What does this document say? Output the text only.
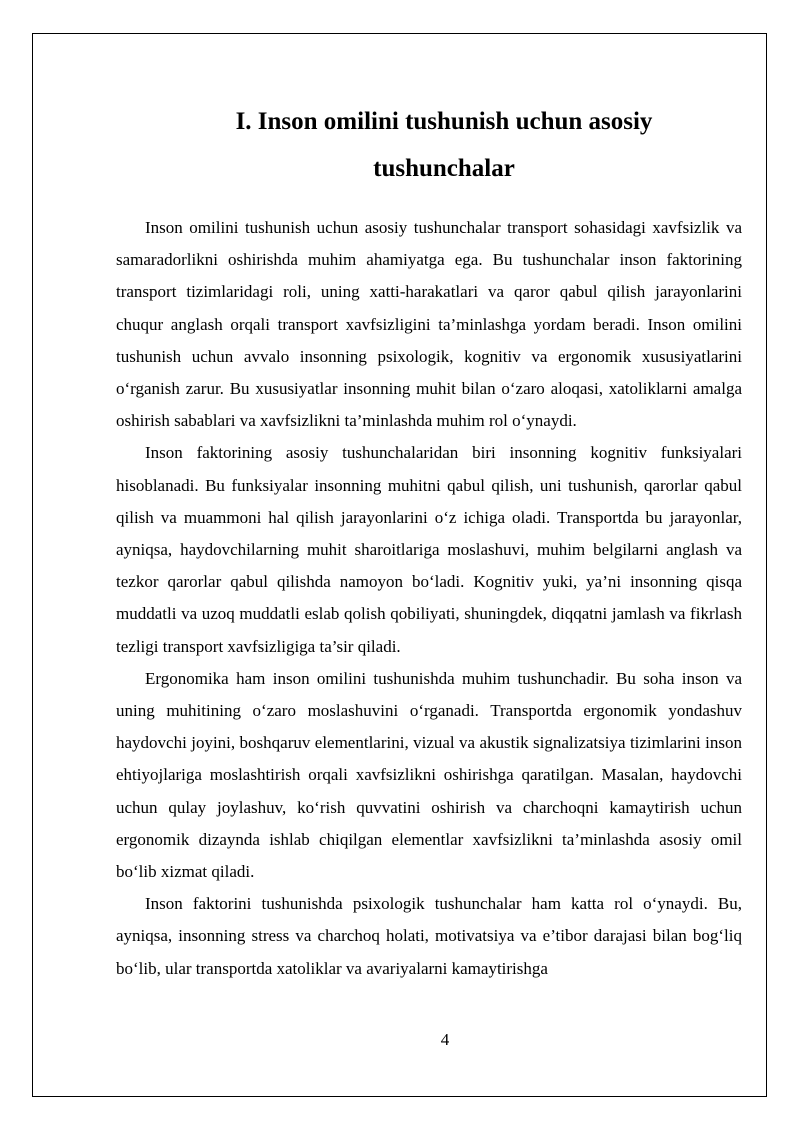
I. Inson omilini tushunish uchun asosiy
tushunchalar

Inson omilini tushunish uchun asosiy tushunchalar transport sohasidagi xavfsizlik va samaradorlikni oshirishda muhim ahamiyatga ega. Bu tushunchalar inson faktorining transport tizimlaridagi roli, uning xatti-harakatlari va qaror qabul qilish jarayonlarini chuqur anglash orqali transport xavfsizligini ta’minlashga yordam beradi. Inson omilini tushunish uchun avvalo insonning psixologik, kognitiv va ergonomik xususiyatlarini o‘rganish zarur. Bu xususiyatlar insonning muhit bilan o‘zaro aloqasi, xatoliklarni amalga oshirish sabablari va xavfsizlikni ta’minlashda muhim rol o‘ynaydi.

Inson faktorining asosiy tushunchalaridan biri insonning kognitiv funksiyalari hisoblanadi. Bu funksiyalar insonning muhitni qabul qilish, uni tushunish, qarorlar qabul qilish va muammoni hal qilish jarayonlarini o‘z ichiga oladi. Transportda bu jarayonlar, ayniqsa, haydovchilarning muhit sharoitlariga moslashuvi, muhim belgilarni anglash va tezkor qarorlar qabul qilishda namoyon bo‘ladi. Kognitiv yuki, ya’ni insonning qisqa muddatli va uzoq muddatli eslab qolish qobiliyati, shuningdek, diqqatni jamlash va fikrlash tezligi transport xavfsizligiga ta’sir qiladi.

Ergonomika ham inson omilini tushunishda muhim tushunchadir. Bu soha inson va uning muhitining o‘zaro moslashuvini o‘rganadi. Transportda ergonomik yondashuv haydovchi joyini, boshqaruv elementlarini, vizual va akustik signalizatsiya tizimlarini inson ehtiyojlariga moslashtirish orqali xavfsizlikni oshirishga qaratilgan. Masalan, haydovchi uchun qulay joylashuv, ko‘rish quvvatini oshirish va charchoqni kamaytirish uchun ergonomik dizaynda ishlab chiqilgan elementlar xavfsizlikni ta’minlashda asosiy omil bo‘lib xizmat qiladi.

Inson faktorini tushunishda psixologik tushunchalar ham katta rol o‘ynaydi. Bu, ayniqsa, insonning stress va charchoq holati, motivatsiya va e’tibor darajasi bilan bog‘liq bo‘lib, ular transportda xatoliklar va avariyalarni kamaytirishga

4
